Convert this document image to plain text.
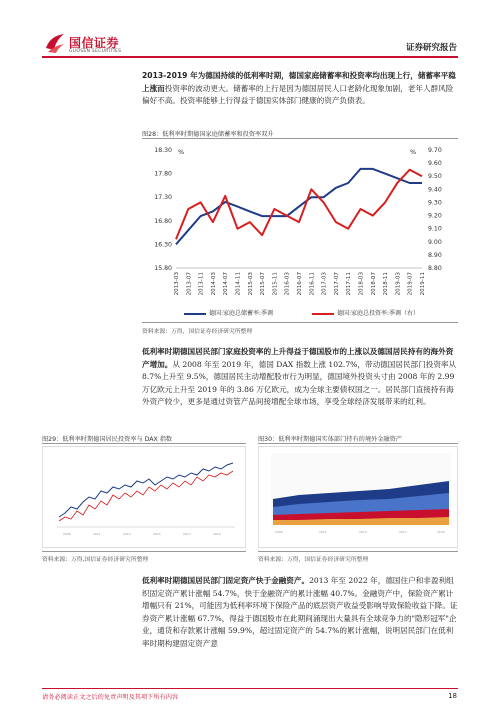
国信证券
GUOSEN SECURITIES	证券研究报告
2013-2019 年为德国持续的低利率时期，德国家庭储蓄率和投资率均出现上行，储蓄率平稳上涨而投资率的波动更大。储蓄率的上行是因为德国居民人口老龄化现象加剧，老年人群风险偏好不高。投资率能够上行得益于德国实体部门健康的资产负债表。
图28：低利率时期德国家庭储蓄率和投资率双升
18.30
17.80
17.30
16.80
16.30
15.80
9.70
9.60
9.50
9.40
9.30
9.20
9.10
9.00
8.90
8.80
%	%
2013-03 2013-07 2013-11 2014-03 2014-07 2014-11 2015-03 2015-07 2015-11 2016-03 2016-07 2016-11 2017-03 2017-07 2017-11 2018-03 2018-07 2018-11 2019-03 2019-07 2019-11
德国:家庭总储蓄率:季调	德国:家庭总投资率:季调（右）
资料来源：万得，国信证券经济研究所整理
低利率时期德国居民部门家庭投资率的上升得益于德国股市的上涨以及德国居民持有的海外资产增加。从 2008 年至 2019 年，德国 DAX 指数上涨 102.7%，带动德国居民部门投资率从 8.7%上升至 9.5%，德国居民主动增配股市行为明显，德国境外投资头寸由 2008 年的 2.99 万亿欧元上升至 2019 年的 3.86 万亿欧元，成为全球主要债权国之一。居民部门直接持有海外资产较少，更多是通过资管产品间接增配全球市场，享受全球经济发展带来的红利。
图29：低利率时期德国居民投资率与 DAX 指数	图30：低利率时期德国实体部门持有的境外金融资产
2008	2011	2013	2015	2017	2019	2008	2011	2014	2017	2020
资料来源：万得,国信证券经济研究所整理	资料来源：万得，国信证券经济研究所整理
低利率时期德国居民部门固定资产快于金融资产。2013 年至 2022 年，德国住户和非盈利组织固定资产累计涨幅 54.7%，快于金融资产的累计涨幅 40.7%。金融资产中，保险资产累计增幅只有 21%，可能因为低利率环境下保险产品的底层资产收益受影响导致保险收益下降。证券资产累计涨幅 67.7%，得益于德国股市在此期间涌现出大量具有全球竞争力的"隐形冠军"企业，通货和存款累计涨幅 59.9%，超过固定资产的 54.7%的累计涨幅，说明居民部门在低利率时期构建固定资产意
请务必阅读正文之后的免责声明及其项下所有内容	18
